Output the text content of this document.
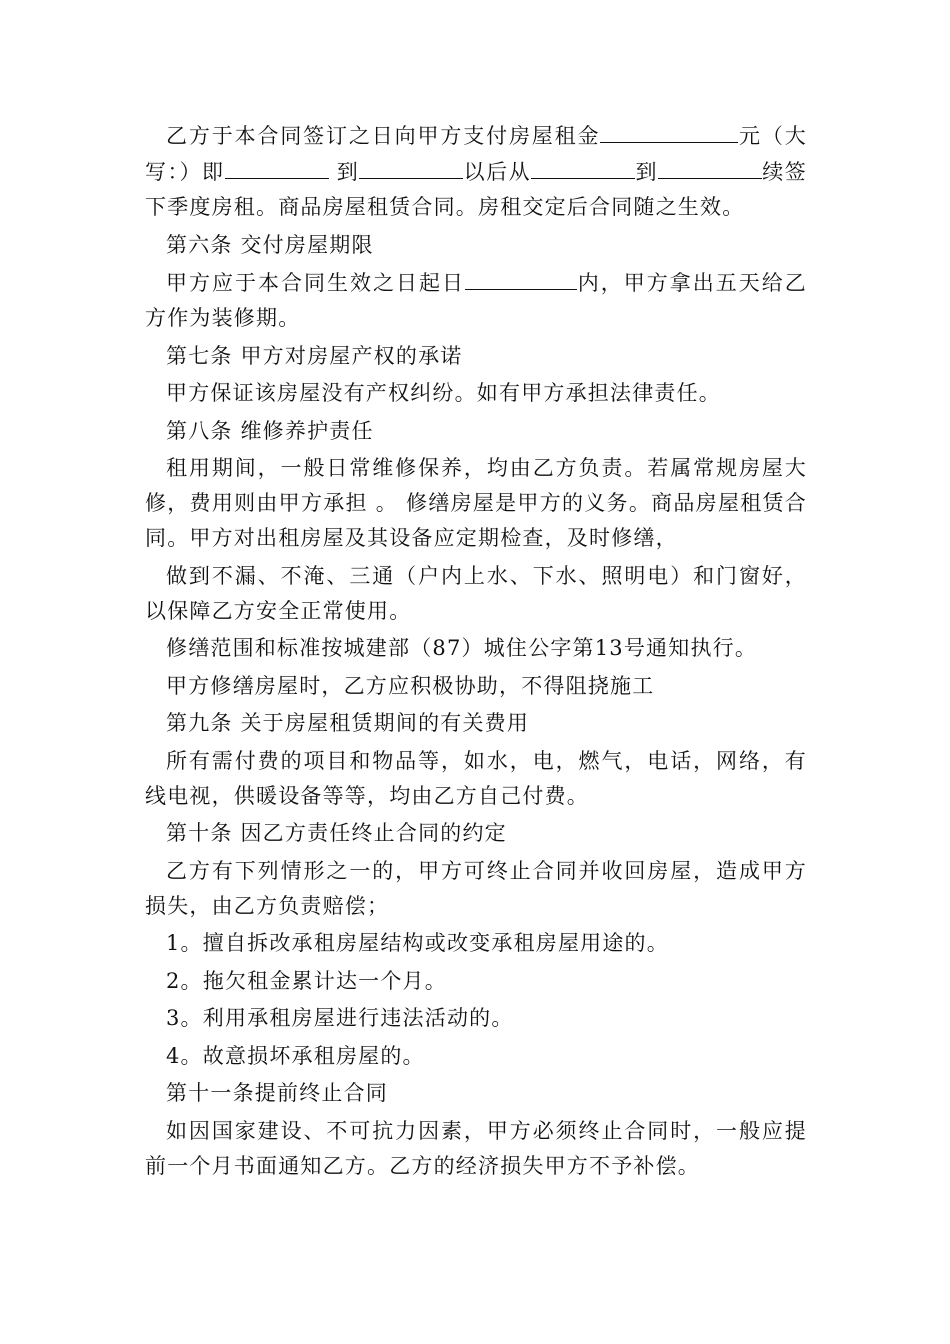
乙方于本合同签订之日向甲方支付房屋租金	元（大写：）即	到	以后从	到	续签下季度房租。商品房屋租赁合同。房租交定后合同随之生效。

第六条 交付房屋期限

甲方应于本合同生效之日起日	内，甲方拿出五天给乙方作为装修期。

第七条 甲方对房屋产权的承诺

甲方保证该房屋没有产权纠纷。如有甲方承担法律责任。

第八条 维修养护责任

租用期间，一般日常维修保养，均由乙方负责。若属常规房屋大修，费用则由甲方承担 。 修缮房屋是甲方的义务。商品房屋租赁合同。甲方对出租房屋及其设备应定期检查，及时修缮，

做到不漏、不淹、三通（户内上水、下水、照明电）和门窗好，以保障乙方安全正常使用。

修缮范围和标准按城建部（87）城住公字第13号通知执行。

甲方修缮房屋时，乙方应积极协助，不得阻挠施工

第九条 关于房屋租赁期间的有关费用

所有需付费的项目和物品等，如水，电，燃气，电话，网络，有线电视，供暖设备等等，均由乙方自己付费。

第十条 因乙方责任终止合同的约定

乙方有下列情形之一的，甲方可终止合同并收回房屋，造成甲方损失，由乙方负责赔偿；

1。擅自拆改承租房屋结构或改变承租房屋用途的。

2。拖欠租金累计达一个月。

3。利用承租房屋进行违法活动的。

4。故意损坏承租房屋的。

第十一条提前终止合同

如因国家建设、不可抗力因素，甲方必须终止合同时，一般应提前一个月书面通知乙方。乙方的经济损失甲方不予补偿。
